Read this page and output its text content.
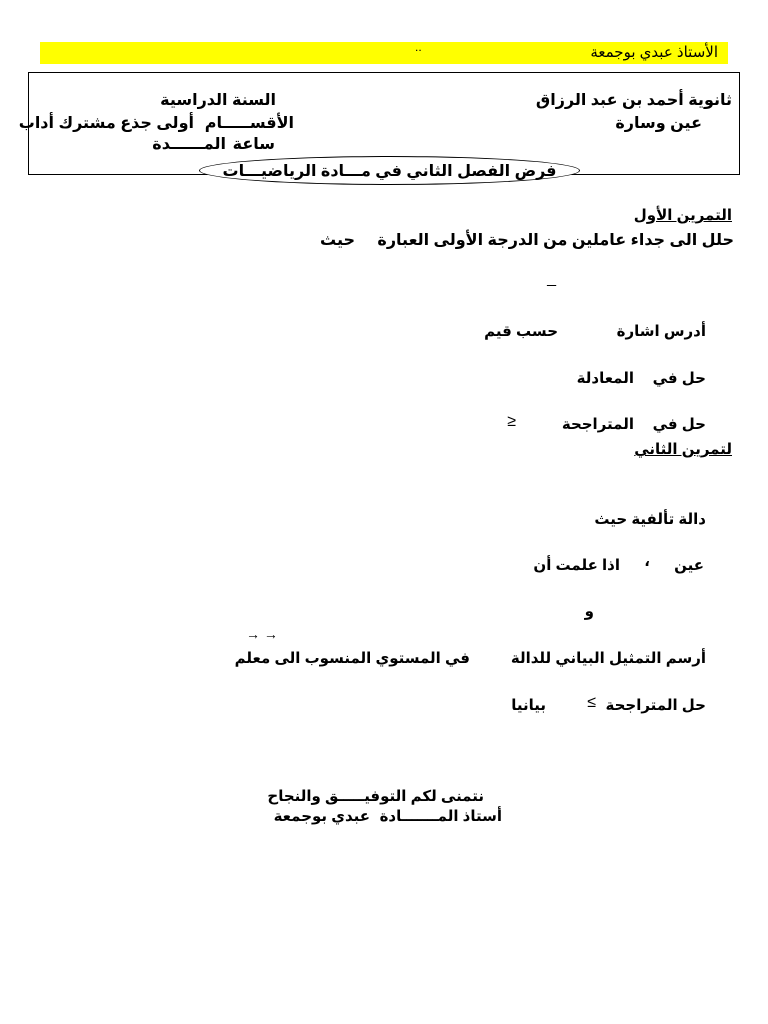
..	الأستاذ عبدي بوجمعة
ثانوية أحمد بن عبد الرزاق
عين وسارة
السنة الدراسية
الأقســـــام
أولى جذع مشترك أداب
المــــــدة ساعة
فرض الفصل الثاني في مـــادة الرياضيـــات
التمرين الأول
حلل الى جداء عاملين من الدرجة الأولى العبارة
حيث
_
أدرس اشارة
حسب قيم
حل في
المعادلة
حل في
المتراجحة
≤
لتمرين الثاني
دالة تألفية حيث
عين
،
اذا علمت أن
و
→ →
أرسم التمثيل البياني للدالة
في المستوي المنسوب الى معلم
حل المتراجحة
≥
بيانيا
نتمنى لكم التوفيـــــق والنجاح
أستاذ المـــــــادة
عبدي بوجمعة
